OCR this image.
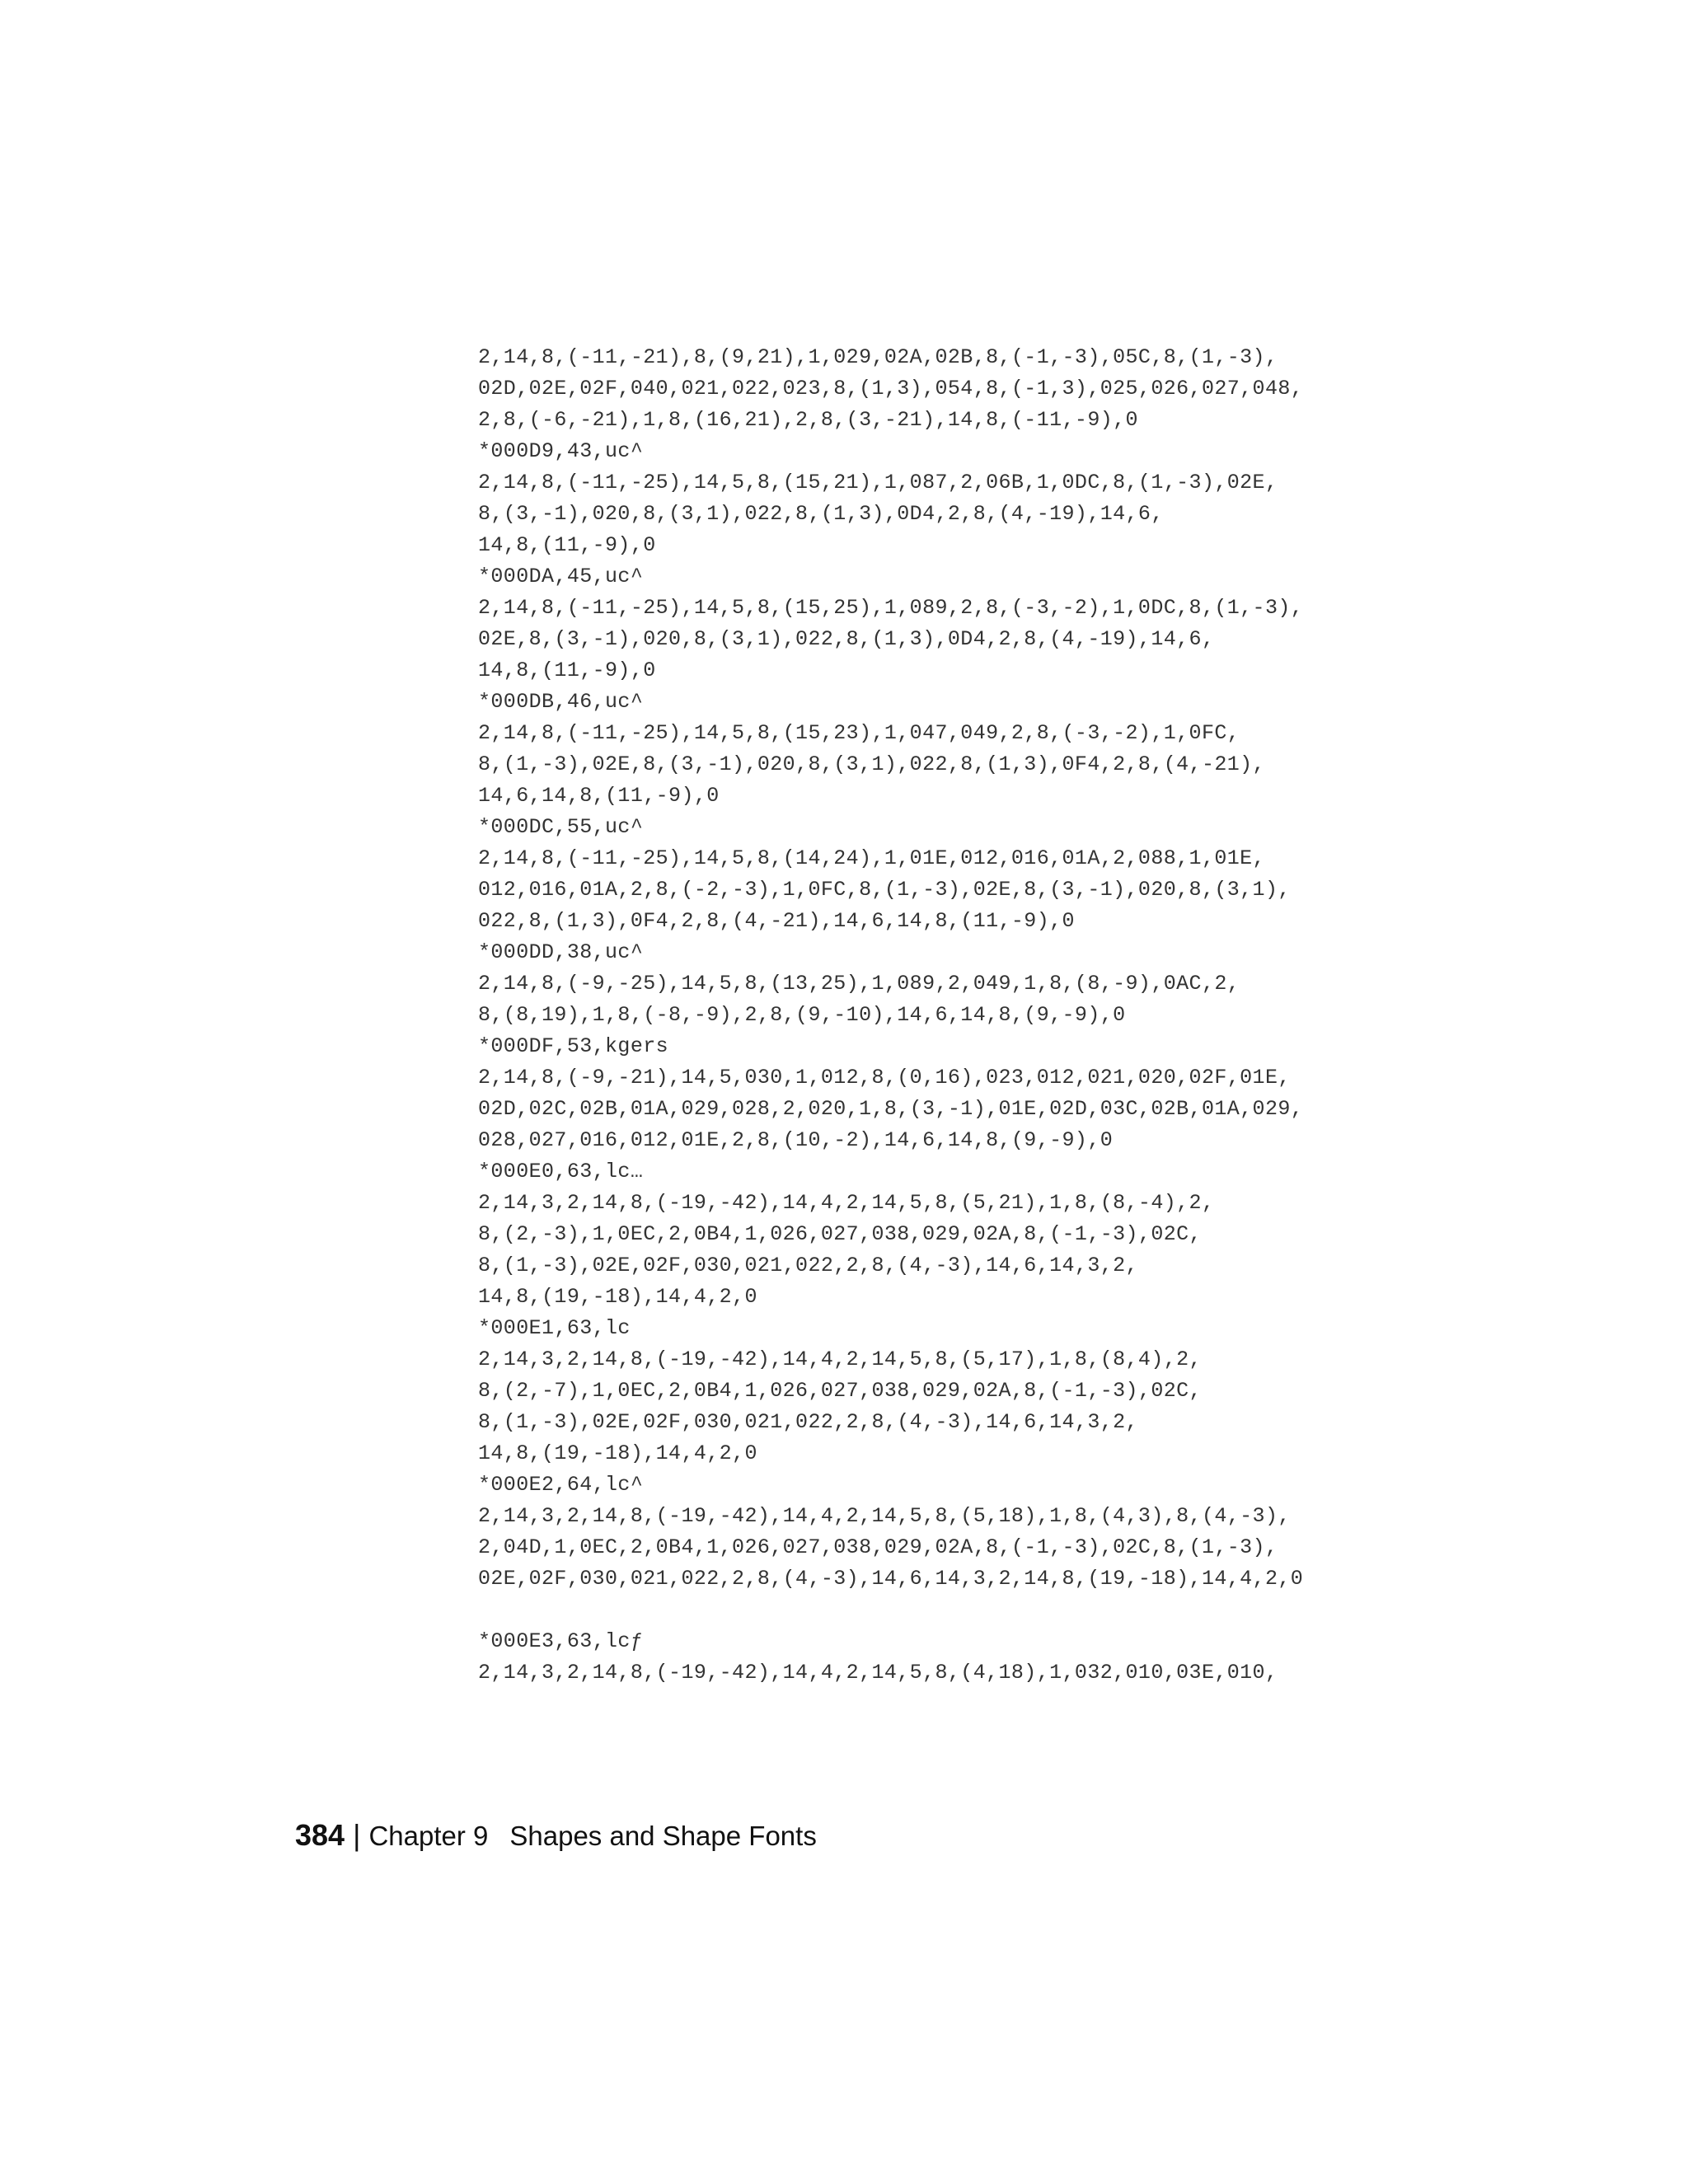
2,14,8,(-11,-21),8,(9,21),1,029,02A,02B,8,(-1,-3),05C,8,(1,-3),
02D,02E,02F,040,021,022,023,8,(1,3),054,8,(-1,3),025,026,027,048,
2,8,(-6,-21),1,8,(16,21),2,8,(3,-21),14,8,(-11,-9),0
*000D9,43,uc^
2,14,8,(-11,-25),14,5,8,(15,21),1,087,2,06B,1,0DC,8,(1,-3),02E,
8,(3,-1),020,8,(3,1),022,8,(1,3),0D4,2,8,(4,-19),14,6,
14,8,(11,-9),0
*000DA,45,uc^
2,14,8,(-11,-25),14,5,8,(15,25),1,089,2,8,(-3,-2),1,0DC,8,(1,-3),
02E,8,(3,-1),020,8,(3,1),022,8,(1,3),0D4,2,8,(4,-19),14,6,
14,8,(11,-9),0
*000DB,46,uc^
2,14,8,(-11,-25),14,5,8,(15,23),1,047,049,2,8,(-3,-2),1,0FC,
8,(1,-3),02E,8,(3,-1),020,8,(3,1),022,8,(1,3),0F4,2,8,(4,-21),
14,6,14,8,(11,-9),0
*000DC,55,uc^
2,14,8,(-11,-25),14,5,8,(14,24),1,01E,012,016,01A,2,088,1,01E,
012,016,01A,2,8,(-2,-3),1,0FC,8,(1,-3),02E,8,(3,-1),020,8,(3,1),
022,8,(1,3),0F4,2,8,(4,-21),14,6,14,8,(11,-9),0
*000DD,38,uc^
2,14,8,(-9,-25),14,5,8,(13,25),1,089,2,049,1,8,(8,-9),0AC,2,
8,(8,19),1,8,(-8,-9),2,8,(9,-10),14,6,14,8,(9,-9),0
*000DF,53,kgers
2,14,8,(-9,-21),14,5,030,1,012,8,(0,16),023,012,021,020,02F,01E,
02D,02C,02B,01A,029,028,2,020,1,8,(3,-1),01E,02D,03C,02B,01A,029,
028,027,016,012,01E,2,8,(10,-2),14,6,14,8,(9,-9),0
*000E0,63,lc…
2,14,3,2,14,8,(-19,-42),14,4,2,14,5,8,(5,21),1,8,(8,-4),2,
8,(2,-3),1,0EC,2,0B4,1,026,027,038,029,02A,8,(-1,-3),02C,
8,(1,-3),02E,02F,030,021,022,2,8,(4,-3),14,6,14,3,2,
14,8,(19,-18),14,4,2,0
*000E1,63,lc
2,14,3,2,14,8,(-19,-42),14,4,2,14,5,8,(5,17),1,8,(8,4),2,
8,(2,-7),1,0EC,2,0B4,1,026,027,038,029,02A,8,(-1,-3),02C,
8,(1,-3),02E,02F,030,021,022,2,8,(4,-3),14,6,14,3,2,
14,8,(19,-18),14,4,2,0
*000E2,64,lc^
2,14,3,2,14,8,(-19,-42),14,4,2,14,5,8,(5,18),1,8,(4,3),8,(4,-3),
2,04D,1,0EC,2,0B4,1,026,027,038,029,02A,8,(-1,-3),02C,8,(1,-3),
02E,02F,030,021,022,2,8,(4,-3),14,6,14,3,2,14,8,(19,-18),14,4,2,0
*000E3,63,lcƒ
2,14,3,2,14,8,(-19,-42),14,4,2,14,5,8,(4,18),1,032,010,03E,010,
384 | Chapter 9 Shapes and Shape Fonts
